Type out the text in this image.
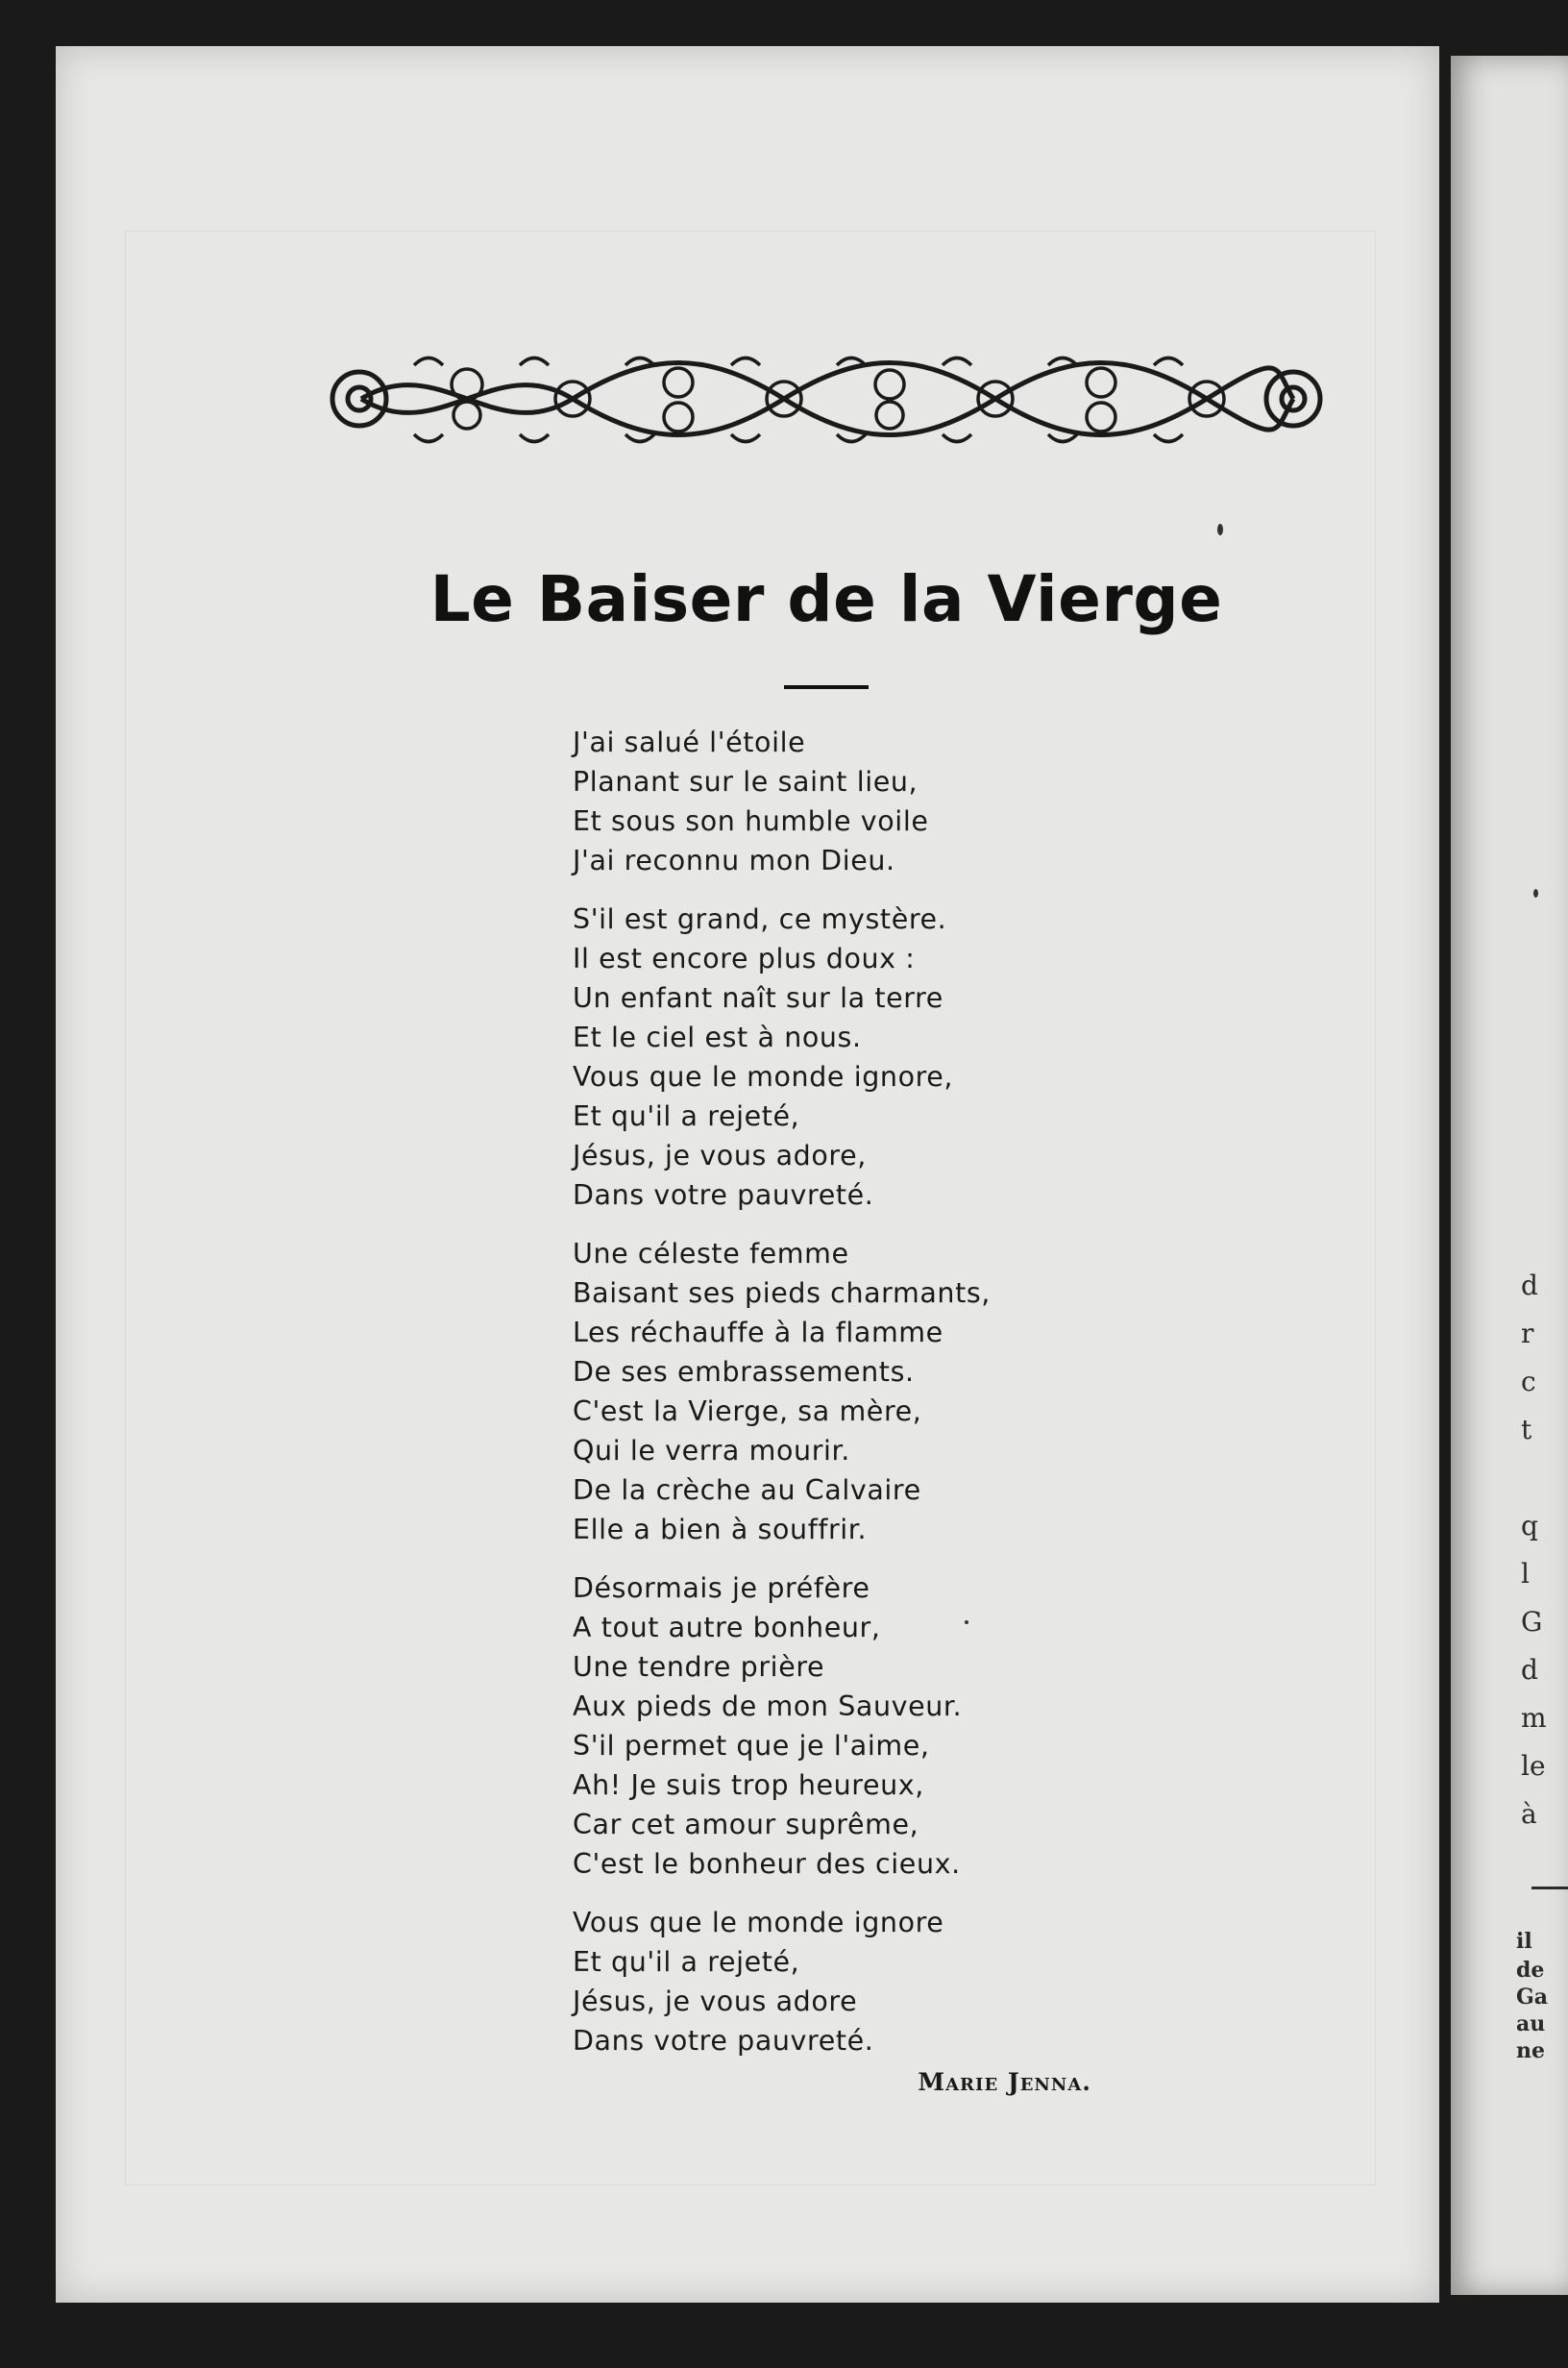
Le Baiser de la Vierge
J'ai salué l'étoile
Planant sur le saint lieu,
Et sous son humble voile
J'ai reconnu mon Dieu.
S'il est grand, ce mystère.
Il est encore plus doux :
Un enfant naît sur la terre
Et le ciel est à nous.
Vous que le monde ignore,
Et qu'il a rejeté,
Jésus, je vous adore,
Dans votre pauvreté.
Une céleste femme
Baisant ses pieds charmants,
Les réchauffe à la flamme
De ses embrassements.
C'est la Vierge, sa mère,
Qui le verra mourir.
De la crèche au Calvaire
Elle a bien à souffrir.
Désormais je préfère
A tout autre bonheur,
Une tendre prière
Aux pieds de mon Sauveur.
S'il permet que je l'aime,
Ah! Je suis trop heureux,
Car cet amour suprême,
C'est le bonheur des cieux.
Vous que le monde ignore
Et qu'il a rejeté,
Jésus, je vous adore
Dans votre pauvreté.
Marie Jenna.
d
r
c
t
q
l
G
d
m
le
à
il
de
Ga
au
ne
